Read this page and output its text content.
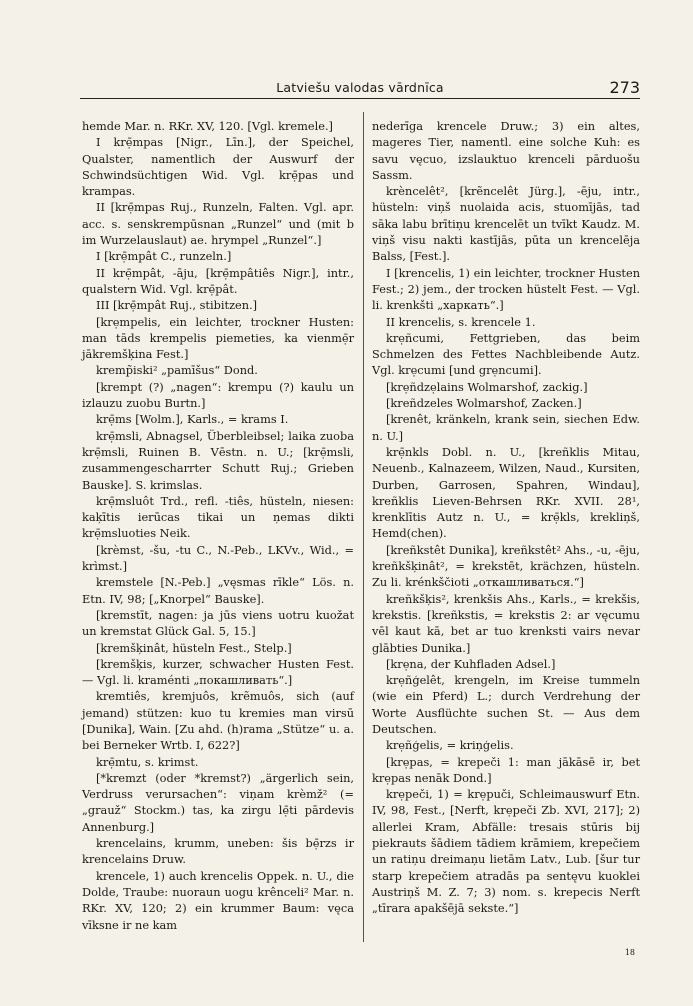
Latviešu valodas vārdnīca	273

hemde Mar. n. RKr. XV, 120. [Vgl. kremele.]

I krẹ̄mpas [Nigr., Līn.], der Speichel, Qualster, namentlich der Auswurf der Schwindsüchtigen Wid. Vgl. krẹ̄pas und krampas.

II [krẹ̄mpas Ruj., Runzeln, Falten. Vgl. apr. acc. s. senskrempūsnan „Runzel“ und (mit b im Wurzelauslaut) ae. hrympel „Runzel“.]

I [krẹ̄mpât C., runzeln.]

II krẹ̄mpât, -āju, [krẹ̄mpâtiês Nigr.], intr., qualstern Wid. Vgl. krẹ̄pât.

III [krẹ̄mpât Ruj., stibitzen.]

[krẹmpelis, ein leichter, trockner Husten: man tāds krempelis piemeties, ka vienmẹ̄r jākremšķina Fest.]

kremp̃iski² „pamīšus“ Dond.

[krempt (?) „nagen“: krempu (?) kaulu un izlauzu zuobu Burtn.]

krẹ̄ms [Wolm.], Karls., = krams I.

krẹ̄msli, Abnagsel, Überbleibsel; laika zuoba krẹ̄msli, Ruinen B. Vēstn. n. U.; [krẹ̄msli, zusammengescharrter Schutt Ruj.; Grieben Bauske]. S. krimslas.

krẹ̄msluôt Trd., refl. -tiês, hüsteln, niesen: kaķītis ierūcas tikai un ņemas dikti krẹ̄msluoties Neik.

[krèmst, -šu, -tu C., N.-Peb., LKVv., Wid., = krìmst.]

kremstele [N.-Peb.] „vęsmas rīkle“ Lös. n. Etn. IV, 98; [„Knorpel“ Bauske].

[kremstīt, nagen: ja jūs viens uotru kuožat un kremstat Glück Gal. 5, 15.]

[kremšķinât, hüsteln Fest., Stelp.]

[kremšķis, kurzer, schwacher Husten Fest. — Vgl. li. kraménti „покашливать“.]

kremtiês, kremjuôs, krẽmuôs, sich (auf jemand) stützen: kuo tu kremies man virsū [Dunika], Wain. [Zu ahd. (h)rama „Stütze“ u. a. bei Berneker Wrtb. I, 622?]

krẹ̄mtu, s. krimst.

[*kremzt (oder *kremst?) „ärgerlich sein, Verdruss verursachen“: viņam krèmž² (= „grauž“ Stockm.) tas, ka zirgu lẹ̄ti pārdevis Annenburg.]

krencelains, krumm, uneben: šis bẹ̄rzs ir krencelains Druw.

krencele, 1) auch krencelis Oppek. n. U., die Dolde, Traube: nuoraun uogu krênceli² Mar. n. RKr. XV, 120; 2) ein krummer Baum: vęca vīksne ir ne kam

nederīga krencele Druw.; 3) ein altes, mageres Tier, namentl. eine solche Kuh: es savu vęcuo, izslauktuo krenceli pārduošu Sassm.

krèncelêt², [krẽncelêt Jürg.], -ēju, intr., hüsteln: viņš nuolaida acis, stuomījās, tad sāka labu brītiņu krencelēt un tvīkt Kaudz. M. viņš visu nakti kastījās, pūta un krencelēja Balss, [Fest.].

I [krencelis, 1) ein leichter, trockner Husten Fest.; 2) jem., der trocken hüstelt Fest. — Vgl. li. krenkšti „харкать“.]

II krencelis, s. krencele 1.

krẹñcumi, Fettgrieben, das beim Schmelzen des Fettes Nachbleibende Autz. Vgl. krẹcumi [und grẹncumi].

[krẹñdzẹlains Wolmarshof, zackig.]

[kreñdzeles Wolmarshof, Zacken.]

[krenêt, kränkeln, krank sein, siechen Edw. n. U.]

krẹ̄nkls Dobl. n. U., [kreñklis Mitau, Neuenb., Kalnazeem, Wilzen, Naud., Kursiten, Durben, Garrosen, Spahren, Windau], kreñklis Lieven-Behrsen RKr. XVII. 28¹, krenklītis Autz n. U., = krẹ̄kls, krekliņš, Hemd(chen).

[kreñkstêt Dunika], kreñkstêt² Ahs., -u, -ēju, kreñkšķinât², = krekstēt, krächzen, hüsteln. Zu li. krénkščioti „откашливаться.“]

kreñkšķis², krenkšis Ahs., Karls., = krekšis, krekstis. [kreñkstis, = krekstis 2: ar vęcumu vēl kaut kā, bet ar tuo krenksti vairs nevar glābties Dunika.]

[krẹna, der Kuhfladen Adsel.]

krẹñģelêt, krengeln, im Kreise tummeln (wie ein Pferd) L.; durch Verdrehung der Worte Ausflüchte suchen St. — Aus dem Deutschen.

krẹñģelis, = kriņģelis.

[krẹpas, = krepeči 1: man jākāsē ir, bet krẹpas nenāk Dond.]

krẹpeči, 1) = krẹpuči, Schleimauswurf Etn. IV, 98, Fest., [Nerft, krẹpeči Zb. XVI, 217]; 2) allerlei Kram, Abfälle: tresais stūris bij piekrauts šādiem tādiem krāmiem, krepečiem un ratiņu dreimaņu lietām Latv., Lub. [šur tur starp krepečiem atradās pa sentęvu kuoklei Austriņš M. Z. 7; 3) nom. s. krepecis Nerft „tīrara apakšējā sekste.“]

18
